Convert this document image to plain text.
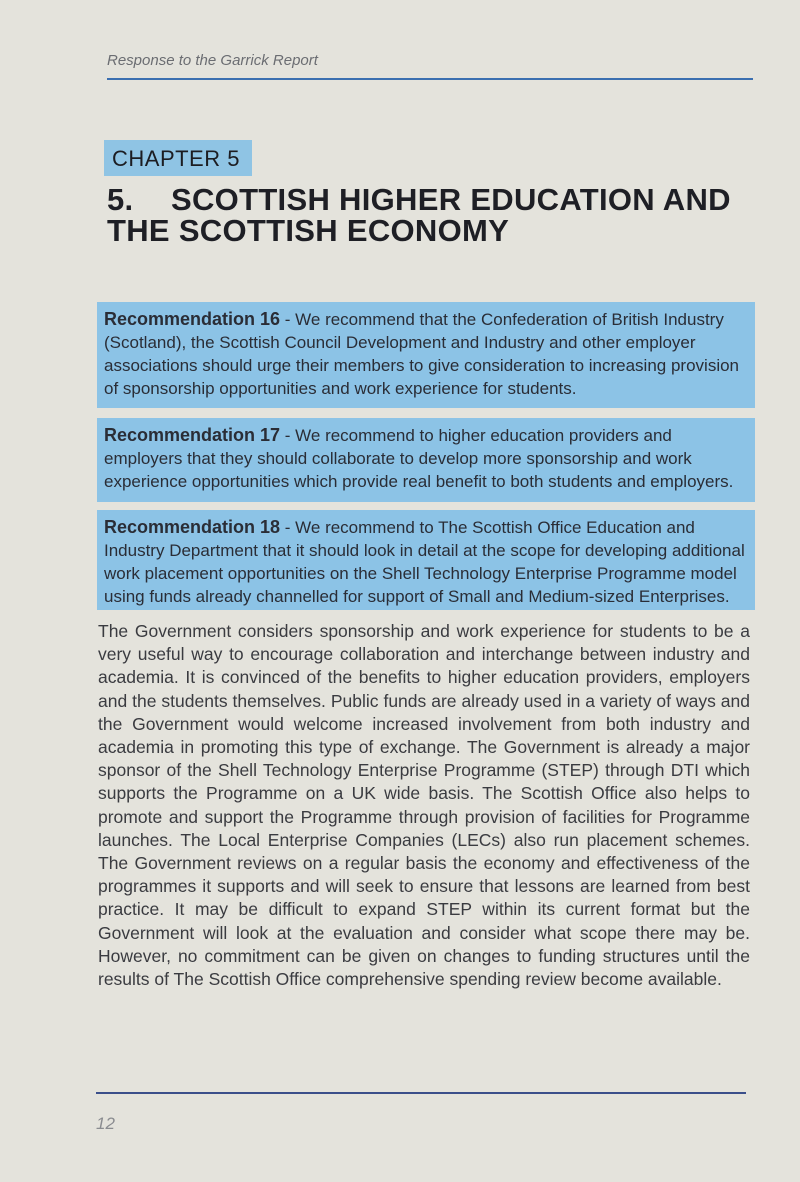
Response to the Garrick Report
CHAPTER 5
5. SCOTTISH HIGHER EDUCATION AND THE SCOTTISH ECONOMY
Recommendation 16 - We recommend that the Confederation of British Industry (Scotland), the Scottish Council Development and Industry and other employer associations should urge their members to give consideration to increasing provision of sponsorship opportunities and work experience for students.
Recommendation 17 - We recommend to higher education providers and employers that they should collaborate to develop more sponsorship and work experience opportunities which provide real benefit to both students and employers.
Recommendation 18 - We recommend to The Scottish Office Education and Industry Department that it should look in detail at the scope for developing additional work placement opportunities on the Shell Technology Enterprise Programme model using funds already channelled for support of Small and Medium-sized Enterprises.
The Government considers sponsorship and work experience for students to be a very useful way to encourage collaboration and interchange between industry and academia. It is convinced of the benefits to higher education providers, employers and the students themselves. Public funds are already used in a variety of ways and the Government would welcome increased involvement from both industry and academia in promoting this type of exchange. The Government is already a major sponsor of the Shell Technology Enterprise Programme (STEP) through DTI which supports the Programme on a UK wide basis. The Scottish Office also helps to promote and support the Programme through provision of facilities for Programme launches. The Local Enterprise Companies (LECs) also run placement schemes. The Government reviews on a regular basis the economy and effectiveness of the programmes it supports and will seek to ensure that lessons are learned from best practice. It may be difficult to expand STEP within its current format but the Government will look at the evaluation and consider what scope there may be. However, no commitment can be given on changes to funding structures until the results of The Scottish Office comprehensive spending review become available.
12
